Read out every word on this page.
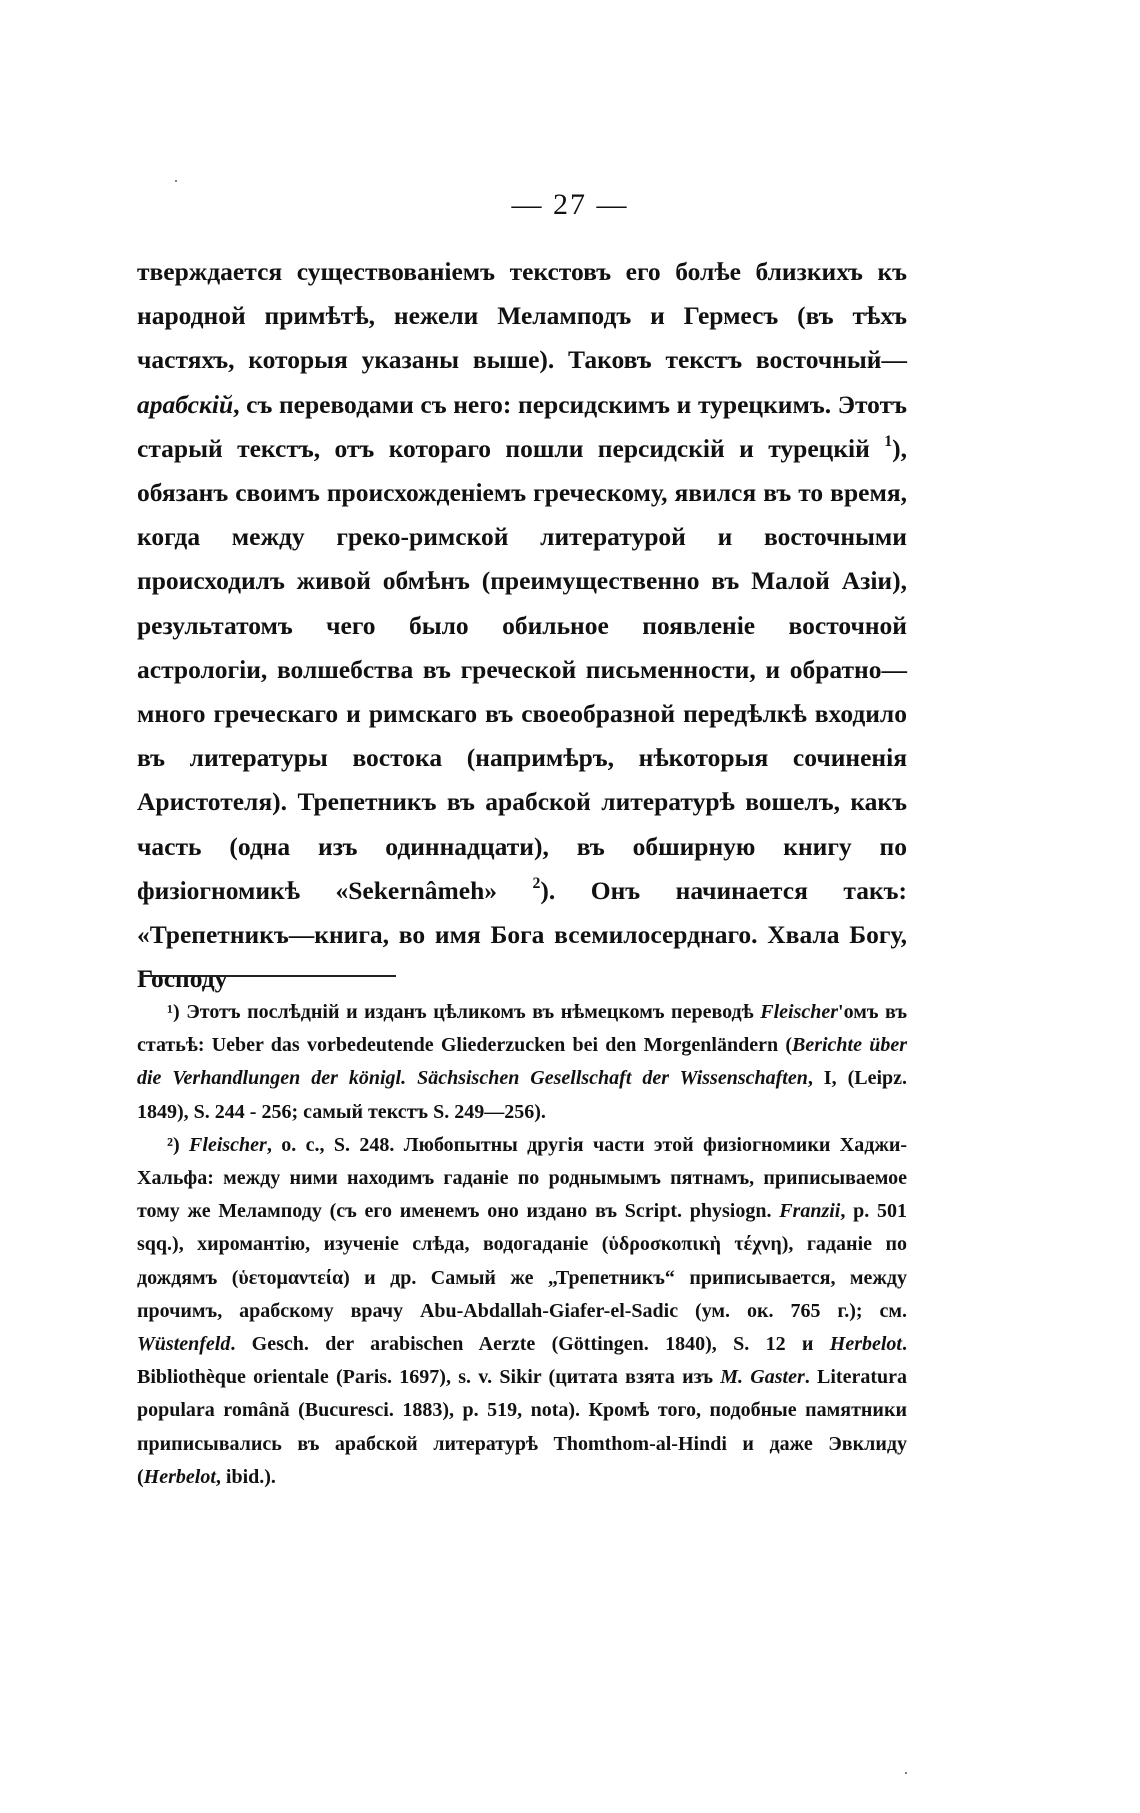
— 27 —

тверждается существованіемъ текстовъ его болѣе близкихъ къ народной примѣтѣ, нежели Меламподъ и Гермесъ (въ тѣхъ частяхъ, которыя указаны выше). Таковъ текстъ восточный—арабскій, съ переводами съ него: персидскимъ и турецкимъ. Этотъ старый текстъ, отъ котораго пошли персидскій и турецкій $^1$), обязанъ своимъ происхожденіемъ греческому, явился въ то время, когда между греко-римской литературой и восточными происходилъ живой обмѣнъ (преимущественно въ Малой Азіи), результатомъ чего было обильное появленіе восточной астрологіи, волшебства въ греческой письменности, и обратно—много греческаго и римскаго въ своеобразной передѣлкѣ входило въ литературы востока (напримѣръ, нѣкоторыя сочиненія Аристотеля). Трепетникъ въ арабской литературѣ вошелъ, какъ часть (одна изъ одиннадцати), въ обширную книгу по физіогномикѣ «Sekernâmeh» $^2$). Онъ начинается такъ: «Трепетникъ—книга, во имя Бога всемилосерднаго. Хвала Богу, Господу

¹) Этотъ послѣдній и изданъ цѣликомъ въ нѣмецкомъ переводѣ Fleischer'омъ въ статьѣ: Ueber das vorbedeutende Gliederzucken bei den Morgenländern (Berichte über die Verhandlungen der königl. Sächsischen Gesellschaft der Wissenschaften, I, (Leipz. 1849), S. 244 - 256; самый текстъ S. 249—256).

²) Fleischer, o. c., S. 248. Любопытны другія части этой физіогномики Хаджи-Хальфа: между ними находимъ гаданіе по роднымымъ пятнамъ, приписываемое тому же Меламподу (съ его именемъ оно издано въ Script. physiogn. Franzii, p. 501 sqq.), хиромантію, изученіе слѣда, водогаданіе (ὑδροσκοπικὴ τέχνη), гаданіе по дождямъ (ὑετομαντεία) и др. Самый же „Трепетникъ“ приписывается, между прочимъ, арабскому врачу Abu-Abdallah-Giafer-el-Sadic (ум. ок. 765 г.); см. Wüstenfeld. Gesch. der arabischen Aerzte (Göttingen. 1840), S. 12 и Herbelot. Bibliothèque orientale (Paris. 1697), s. v. Sikir (цитата взята изъ M. Gaster. Literatura populara română (Bucuresci. 1883), p. 519, nota). Кромѣ того, подобные памятники приписывались въ арабской литературѣ Thomthom-al-Hindi и даже Эвклиду (Herbelot, ibid.).
